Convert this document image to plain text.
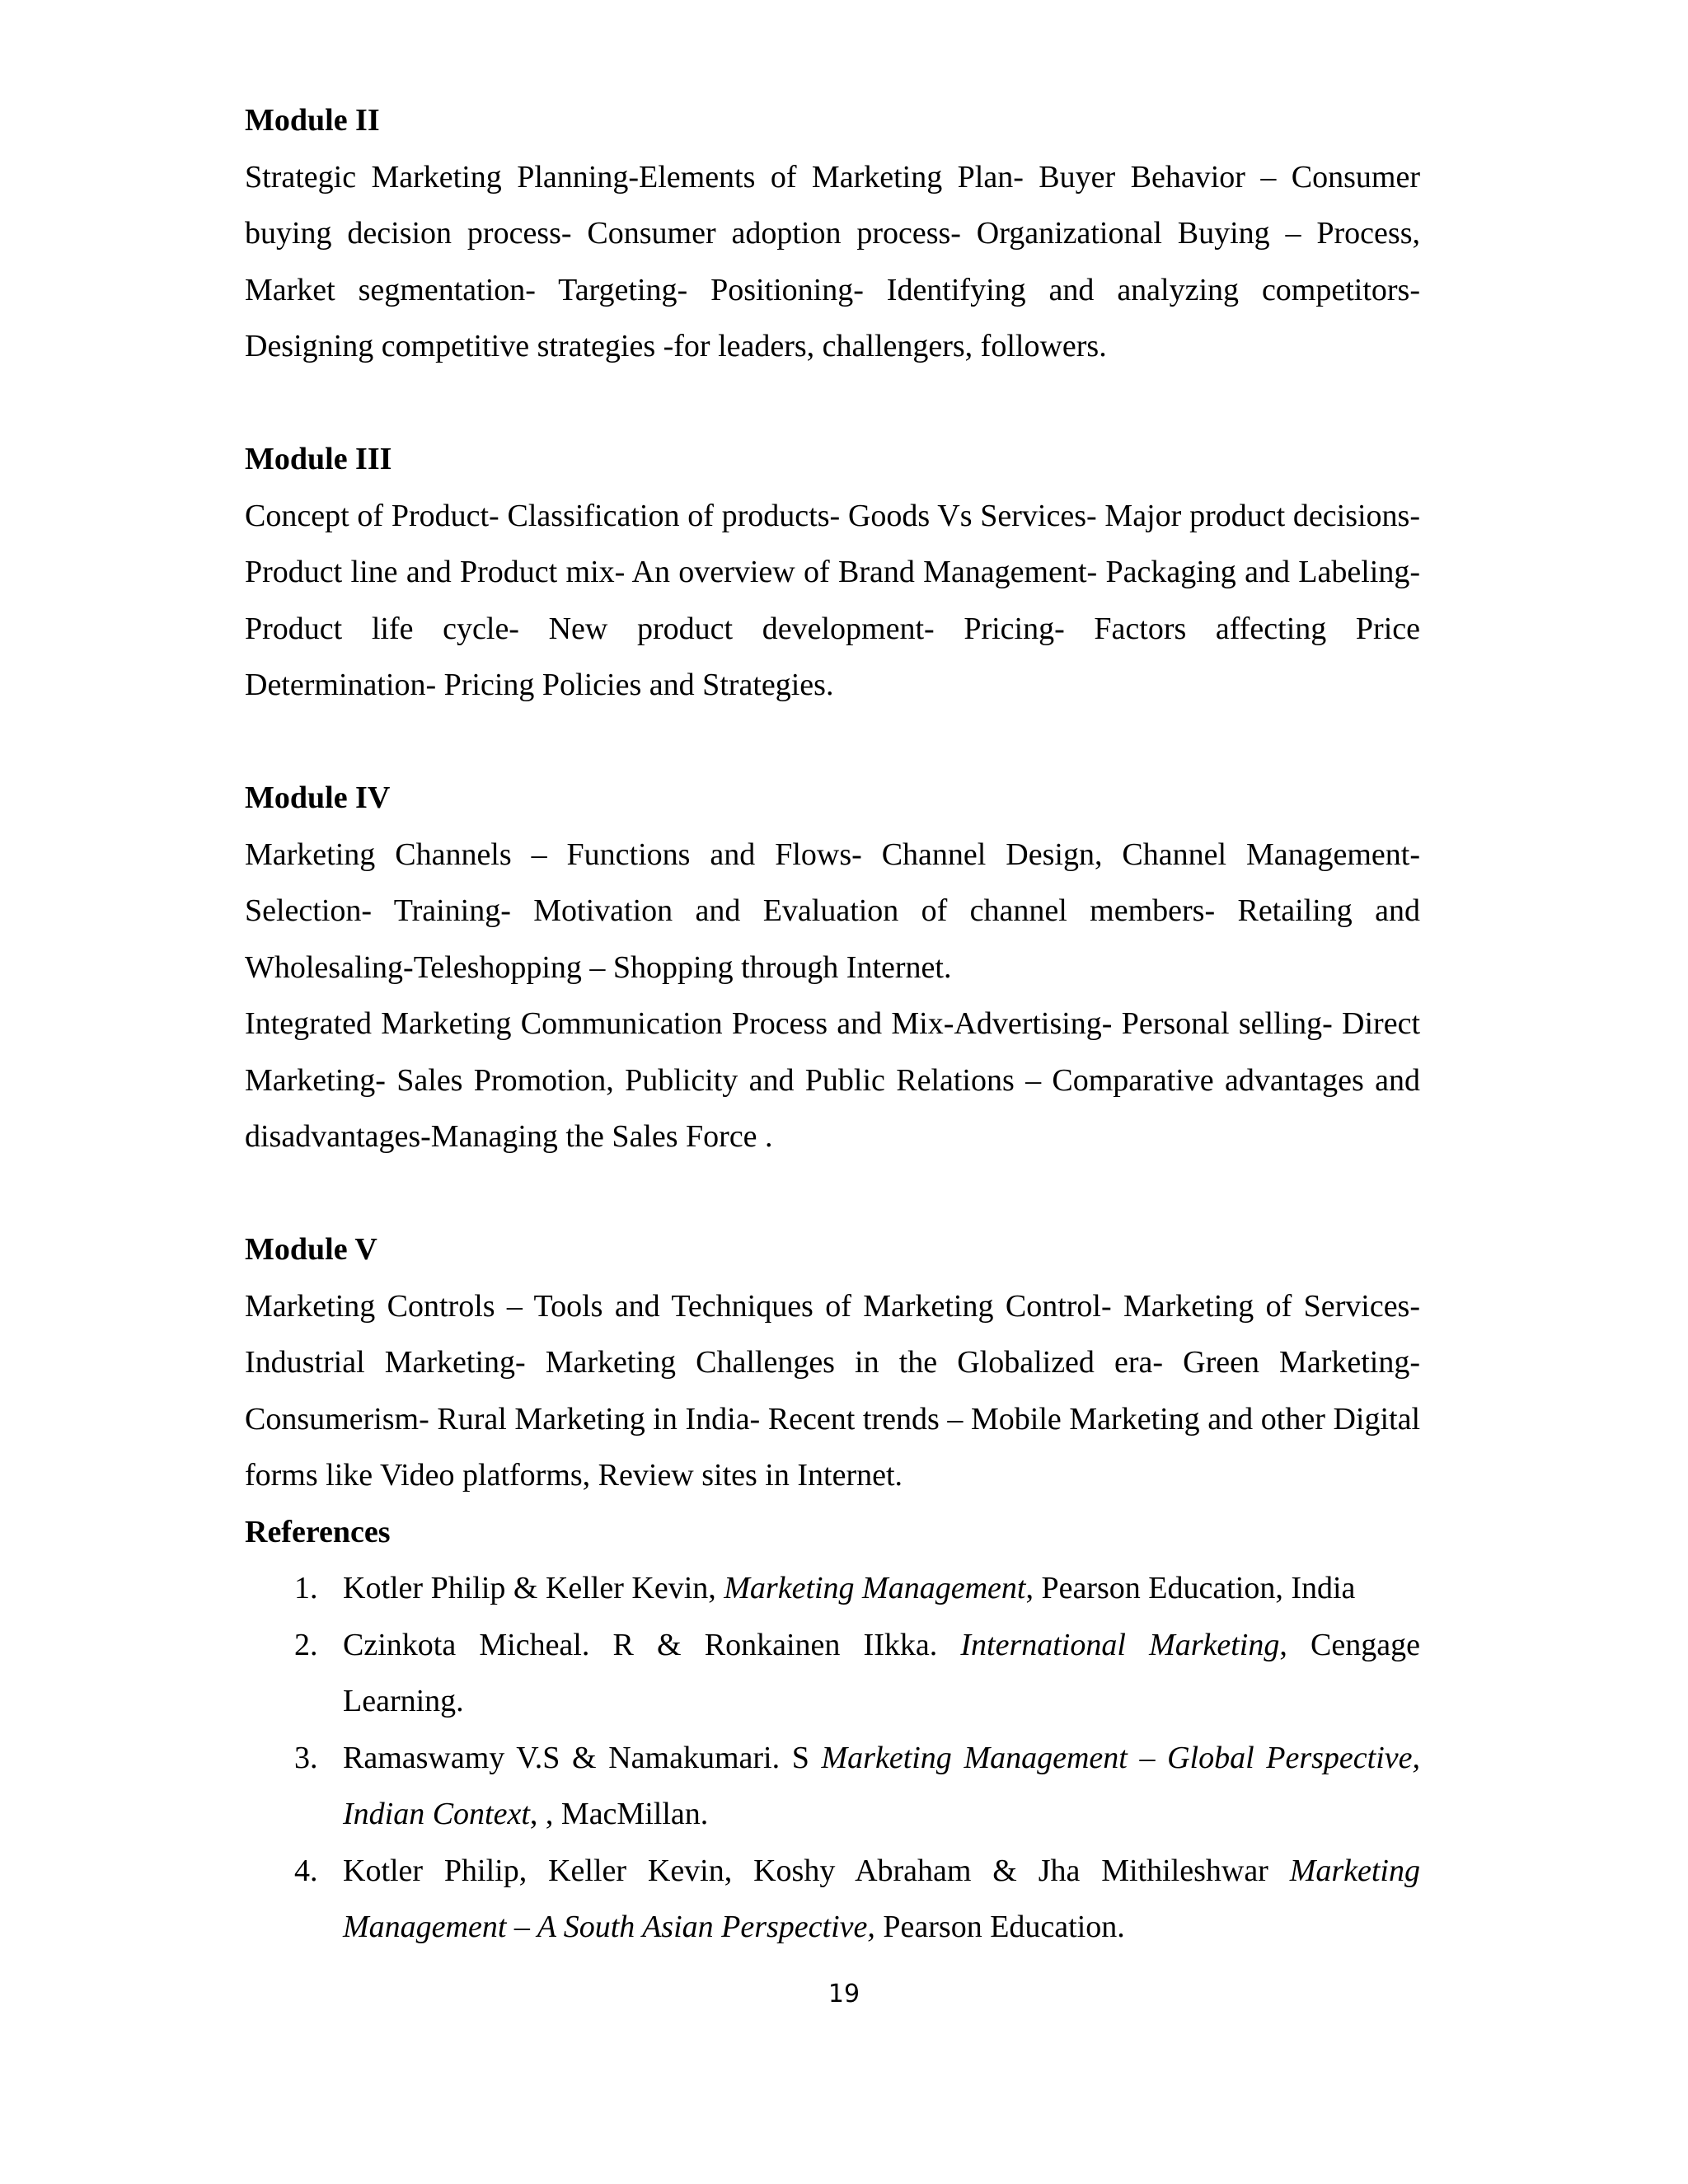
Module II

Strategic Marketing Planning-Elements of Marketing Plan- Buyer Behavior – Consumer buying decision process- Consumer adoption process- Organizational Buying – Process, Market segmentation- Targeting- Positioning- Identifying and analyzing competitors- Designing competitive strategies -for leaders, challengers, followers.

Module III

Concept of Product- Classification of products- Goods Vs Services- Major product decisions-Product line and Product mix- An overview of Brand Management- Packaging and Labeling- Product life cycle- New product development- Pricing- Factors affecting Price Determination- Pricing Policies and Strategies.

Module IV

Marketing Channels – Functions and Flows- Channel Design, Channel Management- Selection- Training- Motivation and Evaluation of channel members- Retailing and Wholesaling-Teleshopping – Shopping through Internet.

Integrated Marketing Communication Process and Mix-Advertising- Personal selling- Direct Marketing- Sales Promotion, Publicity and Public Relations – Comparative advantages and disadvantages-Managing the Sales Force .

Module V

Marketing Controls – Tools and Techniques of Marketing Control- Marketing of Services-Industrial Marketing- Marketing Challenges in the Globalized era- Green Marketing- Consumerism- Rural Marketing in India- Recent trends – Mobile Marketing and other Digital forms like Video platforms, Review sites in Internet.

References

1. Kotler Philip & Keller Kevin, Marketing Management, Pearson Education, India
2. Czinkota Micheal. R & Ronkainen IIkka. International Marketing, Cengage Learning.
3. Ramaswamy V.S & Namakumari. S Marketing Management – Global Perspective, Indian Context, , MacMillan.
4. Kotler Philip, Keller Kevin, Koshy Abraham & Jha Mithileshwar Marketing Management – A South Asian Perspective, Pearson Education.
19
